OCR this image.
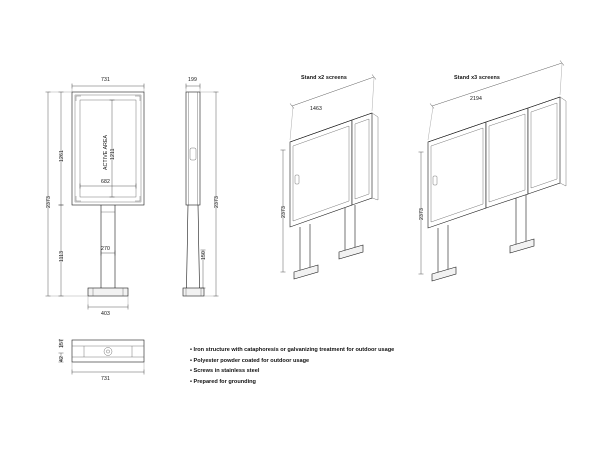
731
1261	1211
ACTIVE AREA
682
2373
1113
270
403
199
2373
150
157
42
731
Stand x2 screens
1463
2373
Stand x3 screens
2194
2373
• Iron structure with cataphoresis or galvanizing treatment for outdoor usage
• Polyester powder coated for outdoor usage
• Screws in stainless steel
• Prepared for grounding
